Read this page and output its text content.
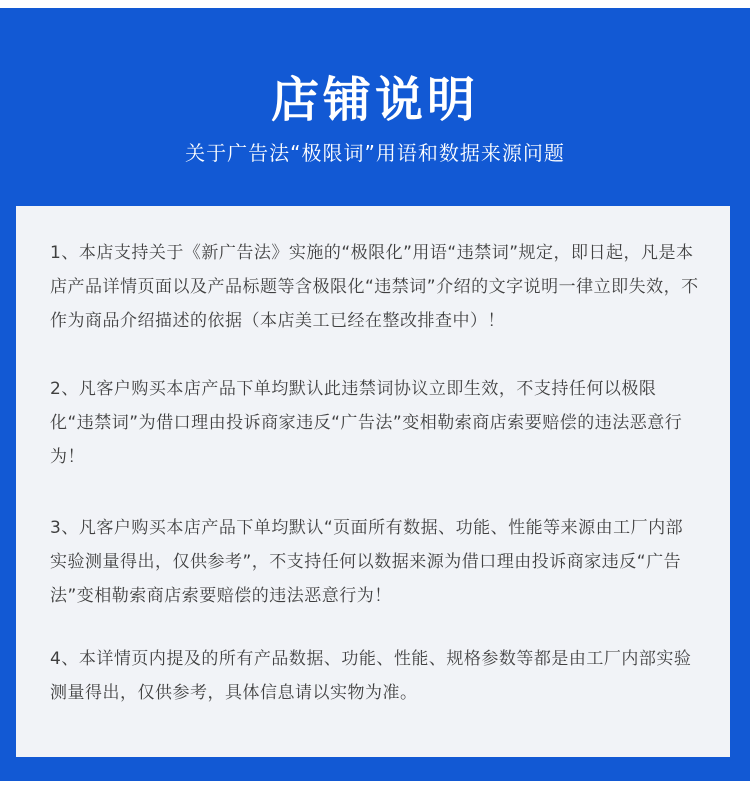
店铺说明
关于广告法“极限词”用语和数据来源问题
1、本店支持关于《新广告法》实施的“极限化”用语“违禁词”规定，即日起，凡是本店产品详情页面以及产品标题等含极限化“违禁词”介绍的文字说明一律立即失效，不作为商品介绍描述的依据（本店美工已经在整改排查中）！
2、凡客户购买本店产品下单均默认此违禁词协议立即生效，不支持任何以极限化“违禁词”为借口理由投诉商家违反“广告法”变相勒索商店索要赔偿的违法恶意行为！
3、凡客户购买本店产品下单均默认“页面所有数据、功能、性能等来源由工厂内部实验测量得出，仅供参考”，不支持任何以数据来源为借口理由投诉商家违反“广告法”变相勒索商店索要赔偿的违法恶意行为！
4、本详情页内提及的所有产品数据、功能、性能、规格参数等都是由工厂内部实验测量得出，仅供参考，具体信息请以实物为准。
